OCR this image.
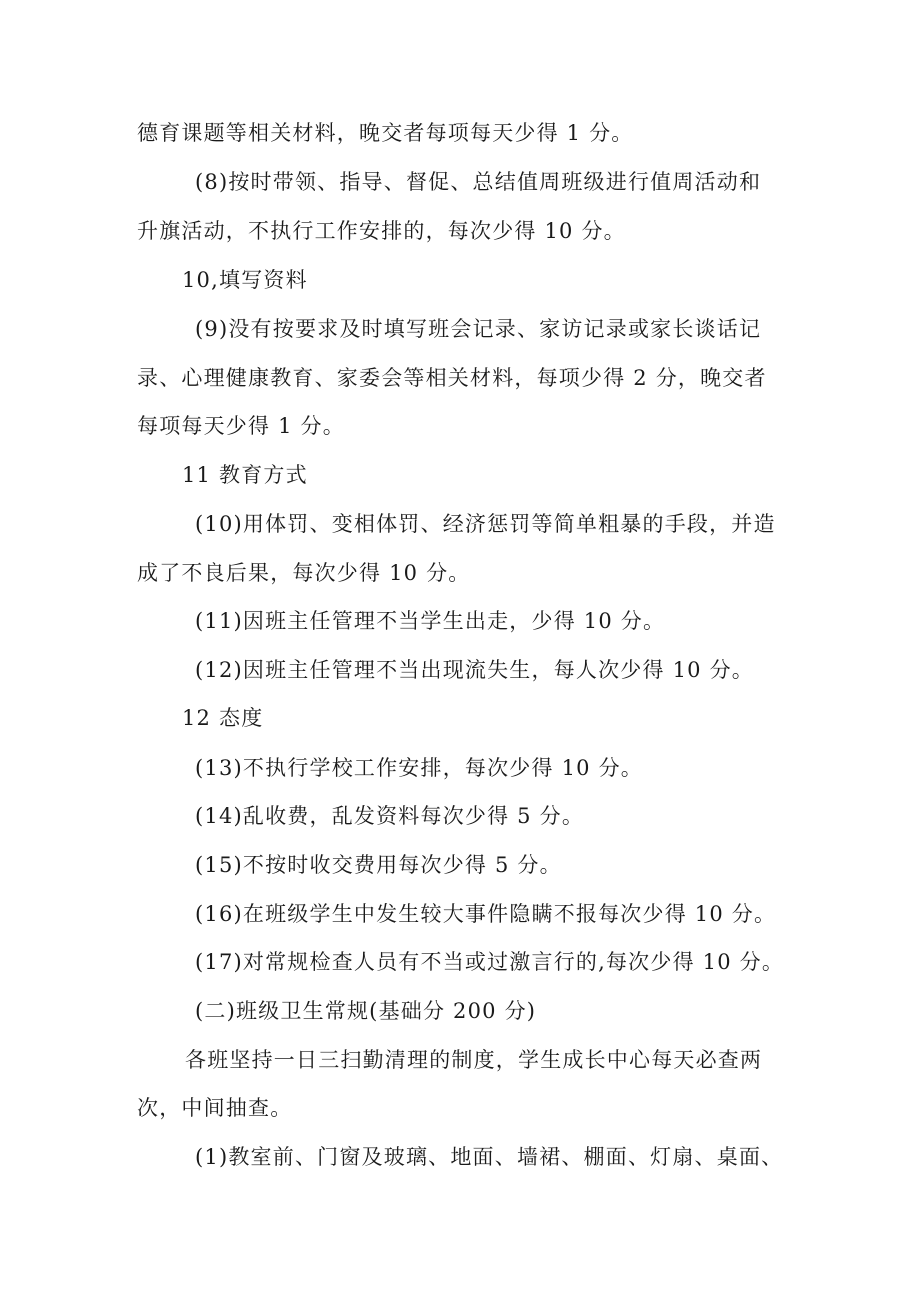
德育课题等相关材料，晚交者每项每天少得 1 分。
(8)按时带领、指导、督促、总结值周班级进行值周活动和
升旗活动，不执行工作安排的，每次少得 10 分。
10,填写资料
(9)没有按要求及时填写班会记录、家访记录或家长谈话记
录、心理健康教育、家委会等相关材料，每项少得 2 分，晚交者
每项每天少得 1 分。
11 教育方式
(10)用体罚、变相体罚、经济惩罚等简单粗暴的手段，并造
成了不良后果，每次少得 10 分。
(11)因班主任管理不当学生出走，少得 10 分。
(12)因班主任管理不当出现流失生，每人次少得 10 分。
12 态度
(13)不执行学校工作安排，每次少得 10 分。
(14)乱收费，乱发资料每次少得 5 分。
(15)不按时收交费用每次少得 5 分。
(16)在班级学生中发生较大事件隐瞒不报每次少得 10 分。
(17)对常规检查人员有不当或过激言行的,每次少得 10 分。
(二)班级卫生常规(基础分 200 分)
各班坚持一日三扫勤清理的制度，学生成长中心每天必查两
次，中间抽查。
(1)教室前、门窗及玻璃、地面、墙裙、棚面、灯扇、桌面、
